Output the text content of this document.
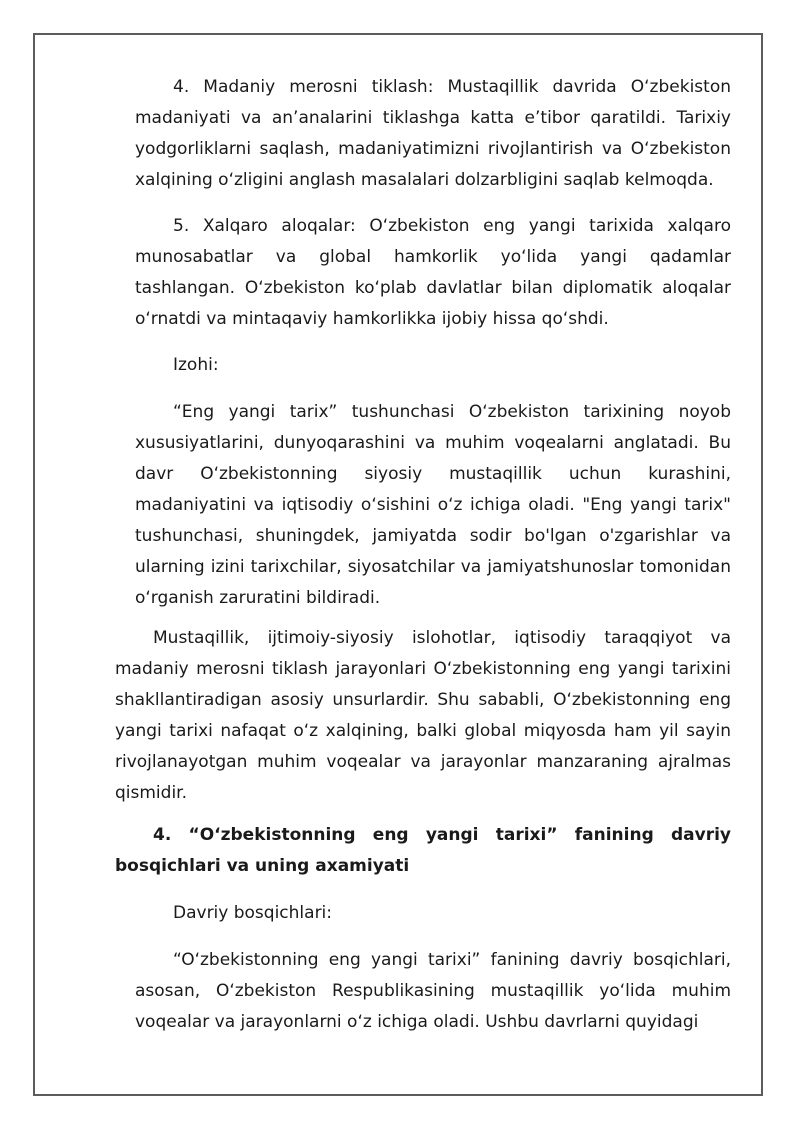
4. Madaniy merosni tiklash: Mustaqillik davrida O‘zbekiston madaniyati va an’analarini tiklashga katta e’tibor qaratildi. Tarixiy yodgorliklarni saqlash, madaniyatimizni rivojlantirish va O‘zbekiston xalqining o‘zligini anglash masalalari dolzarbligini saqlab kelmoqda.

5. Xalqaro aloqalar: O‘zbekiston eng yangi tarixida xalqaro munosabatlar va global hamkorlik yo‘lida yangi qadamlar tashlangan. O‘zbekiston ko‘plab davlatlar bilan diplomatik aloqalar o‘rnatdi va mintaqaviy hamkorlikka ijobiy hissa qo‘shdi.

Izohi:

“Eng yangi tarix” tushunchasi O‘zbekiston tarixining noyob xususiyatlarini, dunyoqarashini va muhim voqealarni anglatadi. Bu davr O‘zbekistonning siyosiy mustaqillik uchun kurashini, madaniyatini va iqtisodiy o‘sishini o‘z ichiga oladi. "Eng yangi tarix" tushunchasi, shuningdek, jamiyatda sodir bo'lgan o'zgarishlar va ularning izini tarixchilar, siyosatchilar va jamiyatshunoslar tomonidan o‘rganish zaruratini bildiradi.

Mustaqillik, ijtimoiy-siyosiy islohotlar, iqtisodiy taraqqiyot va madaniy merosni tiklash jarayonlari O‘zbekistonning eng yangi tarixini shakllantiradigan asosiy unsurlardir. Shu sababli, O‘zbekistonning eng yangi tarixi nafaqat o‘z xalqining, balki global miqyosda ham yil sayin rivojlanayotgan muhim voqealar va jarayonlar manzaraning ajralmas qismidir.

4. “O‘zbekistonning eng yangi tarixi” fanining davriy bosqichlari va uning axamiyati

Davriy bosqichlari:

“O‘zbekistonning eng yangi tarixi” fanining davriy bosqichlari, asosan, O‘zbekiston Respublikasining mustaqillik yo‘lida muhim voqealar va jarayonlarni o‘z ichiga oladi. Ushbu davrlarni quyidagi
